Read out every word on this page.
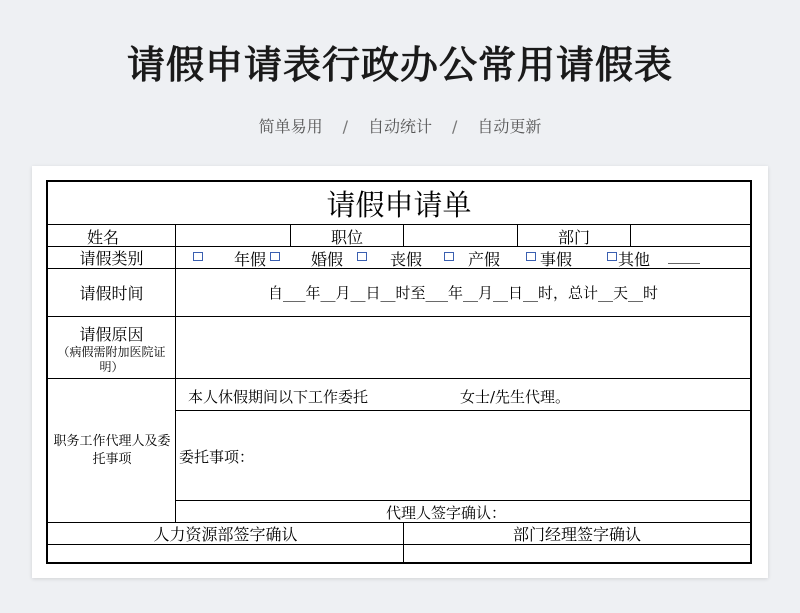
请假申请表行政办公常用请假表
简单易用 / 自动统计 / 自动更新
请假申请单
姓名	职位	部门
请假类别	年假	婚假	丧假	产假 事假	其他 ____
请假时间	自___年__月__日__时至___年__月__日__时，总计__天__时
请假原因
（病假需附加医院证明）
职务工作代理人及委托事项
本人休假期间以下工作委托	女士/先生代理。
委托事项：
代理人签字确认：
人力资源部签字确认	部门经理签字确认
